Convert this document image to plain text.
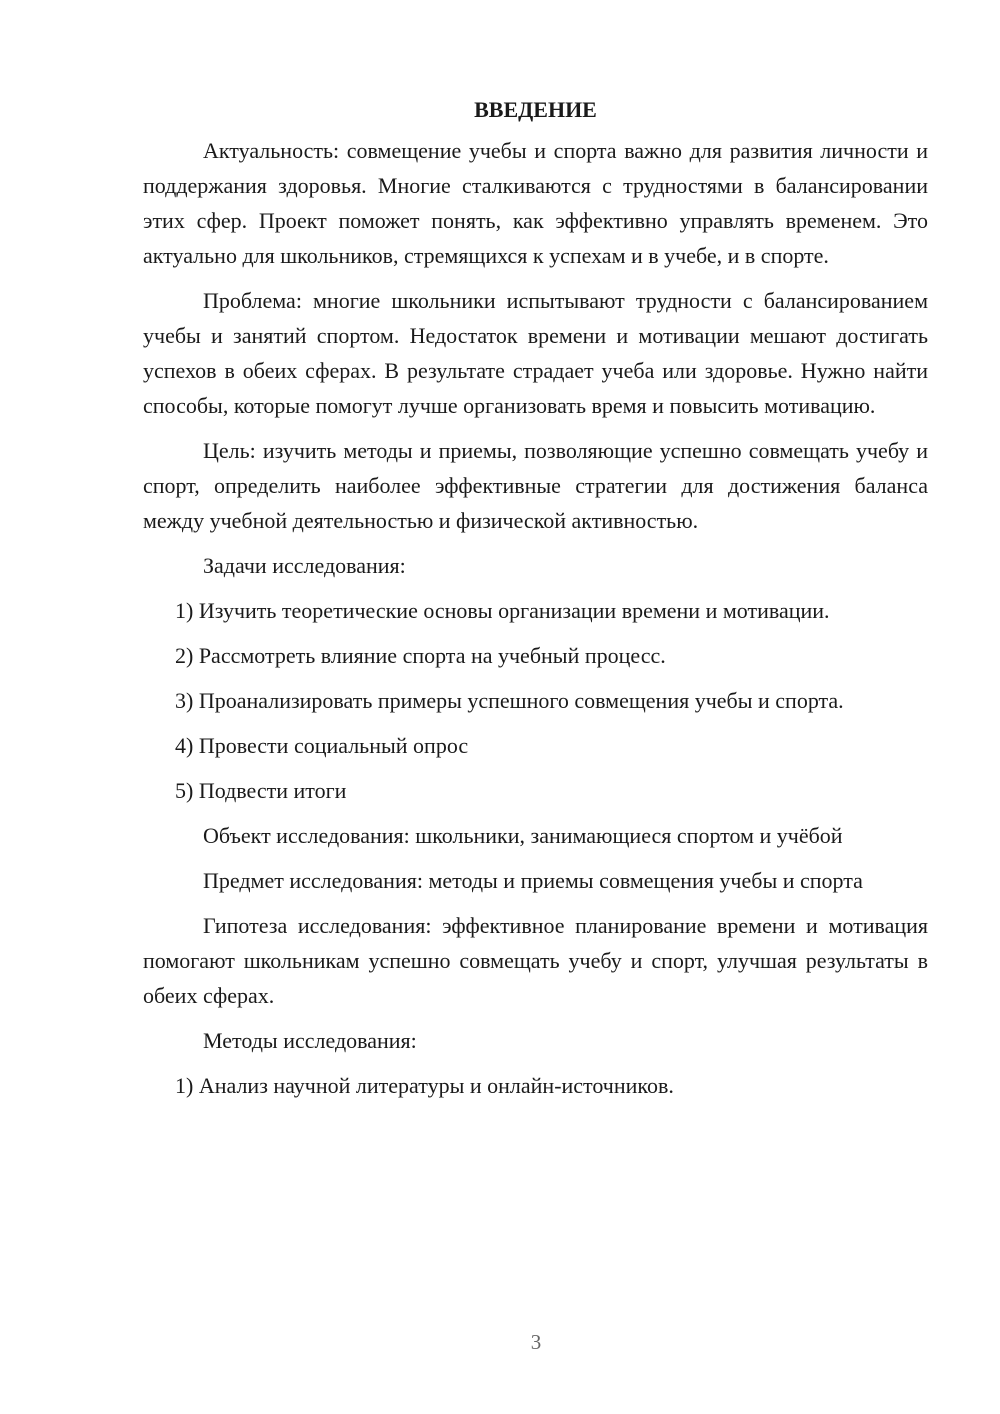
ВВЕДЕНИЕ

Актуальность: совмещение учебы и спорта важно для развития личности и поддержания здоровья. Многие сталкиваются с трудностями в балансировании этих сфер. Проект поможет понять, как эффективно управлять временем. Это актуально для школьников, стремящихся к успехам и в учебе, и в спорте.

Проблема: многие школьники испытывают трудности с балансированием учебы и занятий спортом. Недостаток времени и мотивации мешают достигать успехов в обеих сферах. В результате страдает учеба или здоровье. Нужно найти способы, которые помогут лучше организовать время и повысить мотивацию.

Цель: изучить методы и приемы, позволяющие успешно совмещать учебу и спорт, определить наиболее эффективные стратегии для достижения баланса между учебной деятельностью и физической активностью.

Задачи исследования:

1) Изучить теоретические основы организации времени и мотивации.

2) Рассмотреть влияние спорта на учебный процесс.

3) Проанализировать примеры успешного совмещения учебы и спорта.

4) Провести социальный опрос

5) Подвести итоги

Объект исследования: школьники, занимающиеся спортом и учёбой

Предмет исследования: методы и приемы совмещения учебы и спорта

Гипотеза исследования: эффективное планирование времени и мотивация помогают школьникам успешно совмещать учебу и спорт, улучшая результаты в обеих сферах.

Методы исследования:

1) Анализ научной литературы и онлайн-источников.

3
